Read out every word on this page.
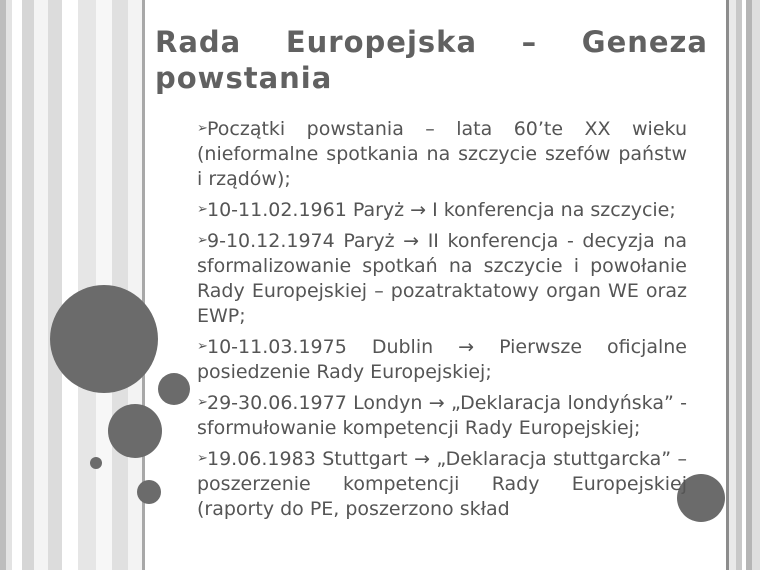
Rada Europejska – Geneza powstania
➢Początki powstania – lata 60’te XX wieku (nieformalne spotkania na szczycie szefów państw i rządów);
➢10-11.02.1961 Paryż → I konferencja na szczycie;
➢9-10.12.1974 Paryż → II konferencja - decyzja na sformalizowanie spotkań na szczycie i powołanie Rady Europejskiej – pozatraktatowy organ WE oraz EWP;
➢10-11.03.1975 Dublin → Pierwsze oficjalne posiedzenie Rady Europejskiej;
➢29-30.06.1977 Londyn → „Deklaracja londyńska” - sformułowanie kompetencji Rady Europejskiej;
➢19.06.1983 Stuttgart → „Deklaracja stuttgarcka” – poszerzenie kompetencji Rady Europejskiej (raporty do PE, poszerzono skład
